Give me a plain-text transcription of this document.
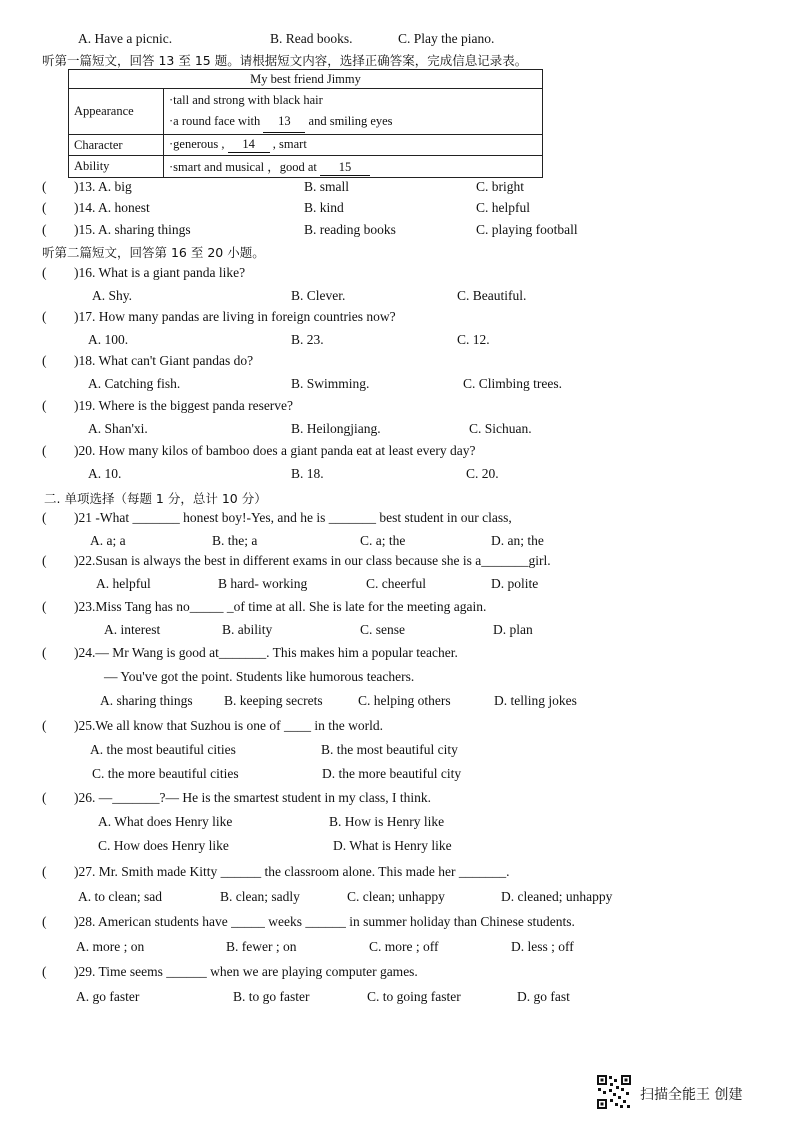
A. Have a picnic.	B. Read books.	C. Play the piano.
听第一篇短文，回答 13 至 15 题。请根据短文内容，选择正确答案，完成信息记录表。
My best friend Jimmy	
Appearance	·tall and strong with black hair
·a round face with 13 and smiling eyes

Character	·generous , 14 , smart
Ability	·smart and musical ，good at 15
( )13. A. big	B. small	C. bright
( )14. A. honest	B. kind	C. helpful
( )15. A. sharing things	B. reading books	C. playing football
听第二篇短文，回答第 16 至 20 小题。
( )16. What is a giant panda like?
A. Shy.	B. Clever.	C. Beautiful.
( )17. How many pandas are living in foreign countries now?
A. 100.	B. 23.	C. 12.
( )18. What can't Giant pandas do?
A. Catching fish.	B. Swimming.	C. Climbing trees.
( )19. Where is the biggest panda reserve?
A. Shan'xi.	B. Heilongjiang.	C. Sichuan.
( )20. How many kilos of bamboo does a giant panda eat at least every day?
A. 10.	B. 18.	C. 20.
二. 单项选择（每题 1 分，总计 10 分）
( )21 -What _______ honest boy!-Yes, and he is _______ best student in our class,
A. a; a	B. the; a	C. a; the	D. an; the
( )22.Susan is always the best in different exams in our class because she is a_______girl.
A. helpful	B hard- working	C. cheerful	D. polite
( )23.Miss Tang has no_____ _of time at all. She is late for the meeting again.
A. interest	B. ability	C. sense	D. plan
( )24.— Mr Wang is good at_______. This makes him a popular teacher.
— You've got the point. Students like humorous teachers.
A. sharing things B. keeping secrets	C. helping others	D. telling jokes
( )25.We all know that Suzhou is one of ____ in the world.
A. the most beautiful cities	B. the most beautiful city
C. the more beautiful cities	D. the more beautiful city
( )26. —_______?— He is the smartest student in my class, I think.
A. What does Henry like	B. How is Henry like
C. How does Henry like	D. What is Henry like
( )27. Mr. Smith made Kitty ______ the classroom alone. This made her _______.
A. to clean; sad	B. clean; sadly	C. clean; unhappy	D. cleaned; unhappy
( )28. American students have _____ weeks ______ in summer holiday than Chinese students.
A. more ; on	B. fewer ; on	C. more ; off	D. less ; off
( )29. Time seems ______ when we are playing computer games.
A. go faster	B. to go faster	C. to going faster	D. go fast
扫描全能王 创建
